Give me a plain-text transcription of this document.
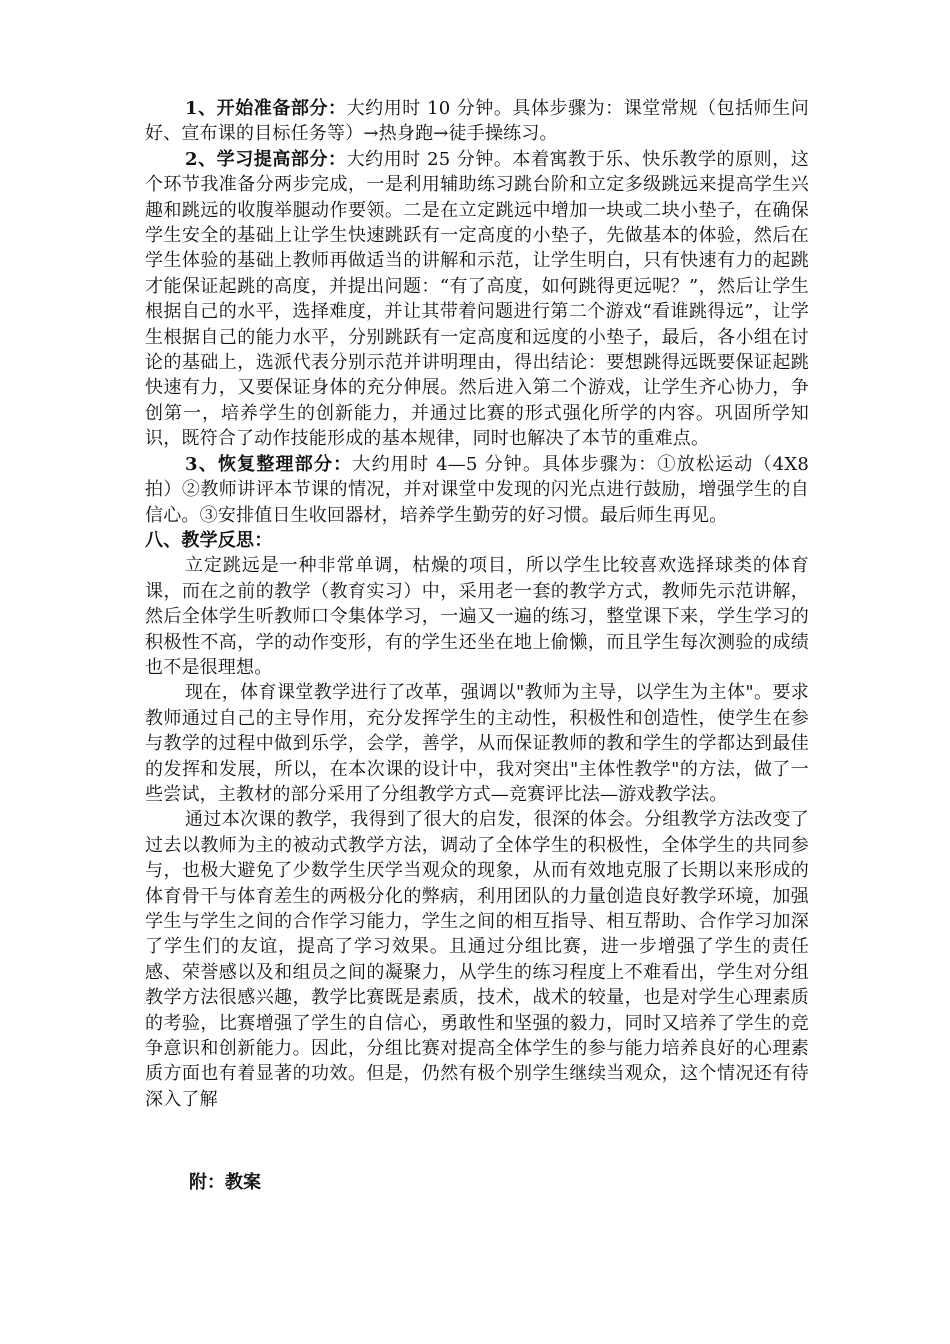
1、开始准备部分：大约用时 10 分钟。具体步骤为：课堂常规（包括师生问好、宣布课的目标任务等）→热身跑→徒手操练习。

2、学习提高部分：大约用时 25 分钟。本着寓教于乐、快乐教学的原则，这个环节我准备分两步完成，一是利用辅助练习跳台阶和立定多级跳远来提高学生兴趣和跳远的收腹举腿动作要领。二是在立定跳远中增加一块或二块小垫子，在确保学生安全的基础上让学生快速跳跃有一定高度的小垫子，先做基本的体验，然后在学生体验的基础上教师再做适当的讲解和示范，让学生明白，只有快速有力的起跳才能保证起跳的高度，并提出问题：“有了高度，如何跳得更远呢？”，然后让学生根据自己的水平，选择难度，并让其带着问题进行第二个游戏“看谁跳得远”，让学生根据自己的能力水平，分别跳跃有一定高度和远度的小垫子，最后，各小组在讨论的基础上，选派代表分别示范并讲明理由，得出结论：要想跳得远既要保证起跳快速有力，又要保证身体的充分伸展。然后进入第二个游戏，让学生齐心协力，争创第一，培养学生的创新能力，并通过比赛的形式强化所学的内容。巩固所学知识，既符合了动作技能形成的基本规律，同时也解决了本节的重难点。

3、恢复整理部分：大约用时 4—5 分钟。具体步骤为：①放松运动（4X8 拍）②教师讲评本节课的情况，并对课堂中发现的闪光点进行鼓励，增强学生的自信心。③安排值日生收回器材，培养学生勤劳的好习惯。最后师生再见。

八、教学反思：

立定跳远是一种非常单调，枯燥的项目，所以学生比较喜欢选择球类的体育课，而在之前的教学（教育实习）中，采用老一套的教学方式，教师先示范讲解，然后全体学生听教师口令集体学习，一遍又一遍的练习，整堂课下来，学生学习的积极性不高，学的动作变形，有的学生还坐在地上偷懒，而且学生每次测验的成绩也不是很理想。

现在，体育课堂教学进行了改革，强调以"教师为主导，以学生为主体"。要求教师通过自己的主导作用，充分发挥学生的主动性，积极性和创造性，使学生在参与教学的过程中做到乐学，会学，善学，从而保证教师的教和学生的学都达到最佳的发挥和发展，所以，在本次课的设计中，我对突出"主体性教学"的方法，做了一些尝试，主教材的部分采用了分组教学方式—竞赛评比法—游戏教学法。

通过本次课的教学，我得到了很大的启发，很深的体会。分组教学方法改变了过去以教师为主的被动式教学方法，调动了全体学生的积极性，全体学生的共同参与，也极大避免了少数学生厌学当观众的现象，从而有效地克服了长期以来形成的体育骨干与体育差生的两极分化的弊病，利用团队的力量创造良好教学环境，加强学生与学生之间的合作学习能力，学生之间的相互指导、相互帮助、合作学习加深了学生们的友谊，提高了学习效果。且通过分组比赛，进一步增强了学生的责任感、荣誉感以及和组员之间的凝聚力，从学生的练习程度上不难看出，学生对分组教学方法很感兴趣，教学比赛既是素质，技术，战术的较量，也是对学生心理素质的考验，比赛增强了学生的自信心，勇敢性和坚强的毅力，同时又培养了学生的竞争意识和创新能力。因此，分组比赛对提高全体学生的参与能力培养良好的心理素质方面也有着显著的功效。但是，仍然有极个别学生继续当观众，这个情况还有待深入了解

附：教案
